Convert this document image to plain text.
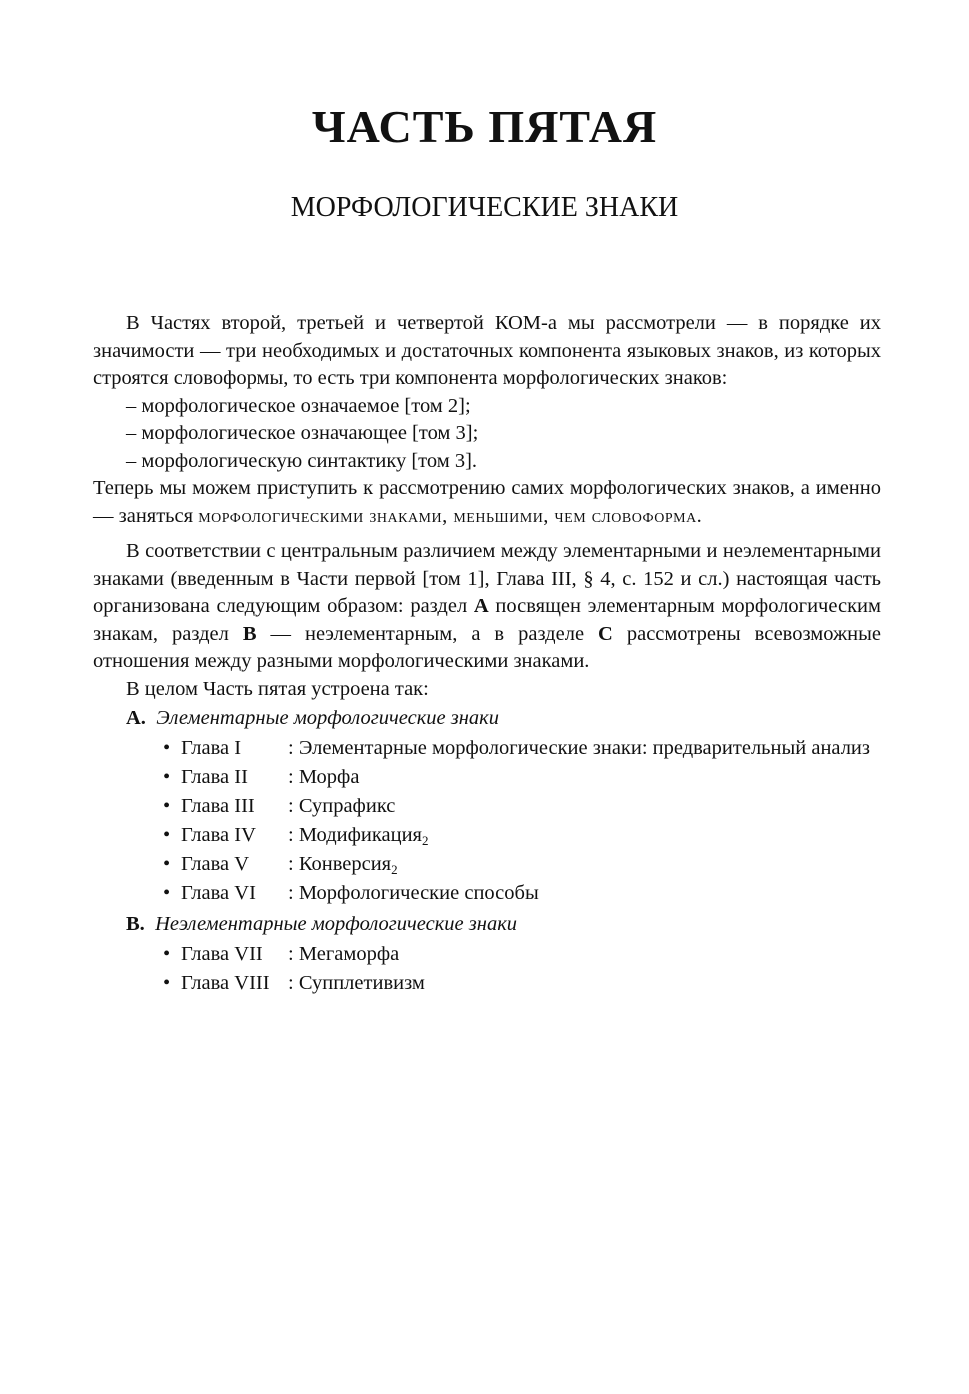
ЧАСТЬ ПЯТАЯ
МОРФОЛОГИЧЕСКИЕ ЗНАКИ

В Частях второй, третьей и четвертой КОМ-а мы рассмотрели — в порядке их значимости — три необходимых и достаточных компонента языковых знаков, из которых строятся словоформы, то есть три компонента морфологических знаков:

– морфологическое означаемое [том 2];
– морфологическое означающее [том 3];
– морфологическую синтактику [том 3].

Теперь мы можем приступить к рассмотрению самих морфологических знаков, а именно — заняться морфологическими знаками, меньшими, чем словоформа.

В соответствии с центральным различием между элементарными и неэлементарными знаками (введенным в Части первой [том 1], Глава III, § 4, с. 152 и сл.) настоящая часть организована следующим образом: раздел A посвящен элементарным морфологическим знакам, раздел B — неэлементарным, а в разделе C рассмотрены всевозможные отношения между разными морфологическими знаками.

В целом Часть пятая устроена так:

A. Элементарные морфологические знаки
• Глава I	: Элементарные морфологические знаки: предварительный анализ
• Глава II	: Морфа
• Глава III	: Супрафикс
• Глава IV	: Модификация$_2$
• Глава V	: Конверсия$_2$
• Глава VI	: Морфологические способы
B. Неэлементарные морфологические знаки
• Глава VII	: Мегаморфа
• Глава VIII : Супплетивизм
